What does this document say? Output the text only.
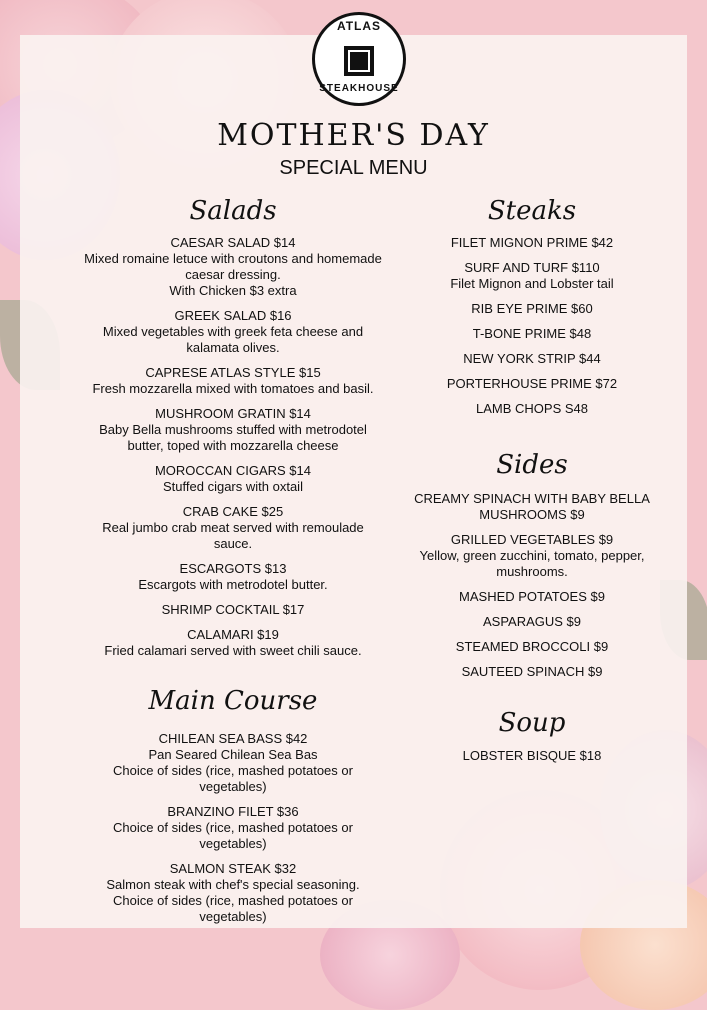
ATLAS
STEAKHOUSE
MOTHER'S DAY
SPECIAL MENU
Salads
CAESAR SALAD $14
Mixed romaine letuce with croutons and homemade caesar dressing.
With Chicken $3 extra
GREEK SALAD $16
Mixed vegetables with greek feta cheese and kalamata olives.
CAPRESE ATLAS STYLE $15
Fresh mozzarella mixed with tomatoes and basil.
MUSHROOM GRATIN $14
Baby Bella mushrooms stuffed with metrodotel butter, toped with mozzarella cheese
MOROCCAN CIGARS $14
Stuffed cigars with oxtail
CRAB CAKE $25
Real jumbo crab meat served with remoulade sauce.
ESCARGOTS $13
Escargots with metrodotel butter.
SHRIMP COCKTAIL $17
CALAMARI $19
Fried calamari served with sweet chili sauce.
Main Course
CHILEAN SEA BASS $42
Pan Seared Chilean Sea Bas
Choice of sides (rice, mashed potatoes or vegetables)
BRANZINO FILET $36
Choice of sides (rice, mashed potatoes or vegetables)
SALMON STEAK $32
Salmon steak with chef's special seasoning.
Choice of sides (rice, mashed potatoes or vegetables)
Steaks
FILET MIGNON PRIME $42
SURF AND TURF $110
Filet Mignon and Lobster tail
RIB EYE PRIME $60
T-BONE PRIME $48
NEW YORK STRIP $44
PORTERHOUSE PRIME $72
LAMB CHOPS S48
Sides
CREAMY SPINACH WITH BABY BELLA MUSHROOMS $9
GRILLED VEGETABLES $9
Yellow, green zucchini, tomato, pepper, mushrooms.
MASHED POTATOES $9
ASPARAGUS $9
STEAMED BROCCOLI $9
SAUTEED SPINACH $9
Soup
LOBSTER BISQUE $18
